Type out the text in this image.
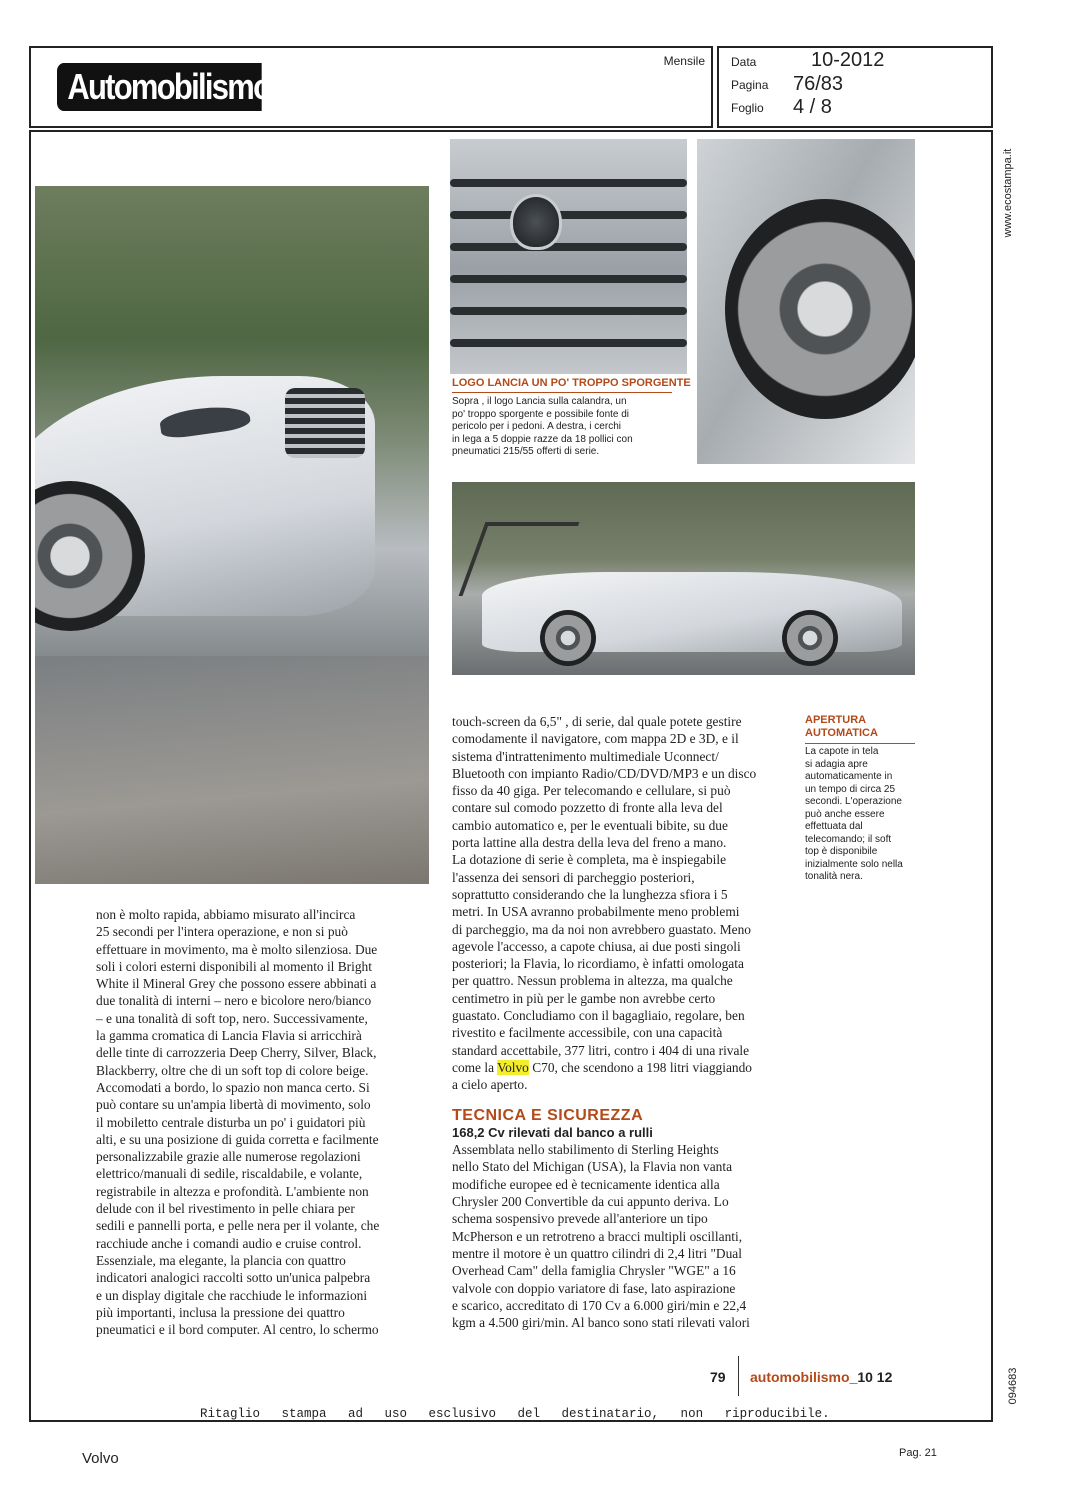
Mensile
Automobilismo
Data	10-2012
Pagina 76/83
Foglio 4 / 8
www.ecostampa.it
094683
LOGO LANCIA UN PO' TROPPO SPORGENTE
Sopra , il logo Lancia sulla calandra, un
po' troppo sporgente e possibile fonte di
pericolo per i pedoni. A destra, i cerchi
in lega a 5 doppie razze da 18 pollici con
pneumatici 215/55 offerti di serie.
APERTURA
AUTOMATICA
La capote in tela
si adagia apre
automaticamente in
un tempo di circa 25
secondi. L'operazione
può anche essere
effettuata dal
telecomando; il soft
top è disponibile
inizialmente solo nella
tonalità nera.

non è molto rapida, abbiamo misurato all'incirca

25 secondi per l'intera operazione, e non si può

effettuare in movimento, ma è molto silenziosa. Due

soli i colori esterni disponibili al momento il Bright

White il Mineral Grey che possono essere abbinati a

due tonalità di interni – nero e bicolore nero/bianco

– e una tonalità di soft top, nero. Successivamente,

la gamma cromatica di Lancia Flavia si arricchirà

delle tinte di carrozzeria Deep Cherry, Silver, Black,

Blackberry, oltre che di un soft top di colore beige.

Accomodati a bordo, lo spazio non manca certo. Si

può contare su un'ampia libertà di movimento, solo

il mobiletto centrale disturba un po' i guidatori più

alti, e su una posizione di guida corretta e facilmente

personalizzabile grazie alle numerose regolazioni

elettrico/manuali di sedile, riscaldabile, e volante,

registrabile in altezza e profondità. L'ambiente non

delude con il bel rivestimento in pelle chiara per

sedili e pannelli porta, e pelle nera per il volante, che

racchiude anche i comandi audio e cruise control.

Essenziale, ma elegante, la plancia con quattro

indicatori analogici raccolti sotto un'unica palpebra

e un display digitale che racchiude le informazioni

più importanti, inclusa la pressione dei quattro

pneumatici e il bord computer. Al centro, lo schermo

touch-screen da 6,5" , di serie, dal quale potete gestire

comodamente il navigatore, com mappa 2D e 3D, e il

sistema d'intrattenimento multimediale Uconnect/

Bluetooth con impianto Radio/CD/DVD/MP3 e un disco

fisso da 40 giga. Per telecomando e cellulare, si può

contare sul comodo pozzetto di fronte alla leva del

cambio automatico e, per le eventuali bibite, su due

porta lattine alla destra della leva del freno a mano.

La dotazione di serie è completa, ma è inspiegabile

l'assenza dei sensori di parcheggio posteriori,

soprattutto considerando che la lunghezza sfiora i 5

metri. In USA avranno probabilmente meno problemi

di parcheggio, ma da noi non avrebbero guastato. Meno

agevole l'accesso, a capote chiusa, ai due posti singoli

posteriori; la Flavia, lo ricordiamo, è infatti omologata

per quattro. Nessun problema in altezza, ma qualche

centimetro in più per le gambe non avrebbe certo

guastato. Concludiamo con il bagagliaio, regolare, ben

rivestito e facilmente accessibile, con una capacità

standard accettabile, 377 litri, contro i 404 di una rivale

come la Volvo C70, che scendono a 198 litri viaggiando

a cielo aperto.

TECNICA E SICUREZZA
168,2 Cv rilevati dal banco a rulli

Assemblata nello stabilimento di Sterling Heights

nello Stato del Michigan (USA), la Flavia non vanta

modifiche europee ed è tecnicamente identica alla

Chrysler 200 Convertible da cui appunto deriva. Lo

schema sospensivo prevede all'anteriore un tipo

McPherson e un retrotreno a bracci multipli oscillanti,

mentre il motore è un quattro cilindri di 2,4 litri "Dual

Overhead Cam" della famiglia Chrysler "WGE" a 16

valvole con doppio variatore di fase, lato aspirazione

e scarico, accreditato di 170 Cv a 6.000 giri/min e 22,4

kgm a 4.500 giri/min. Al banco sono stati rilevati valori

79 automobilismo_10 12
Ritaglio stampa ad uso esclusivo del destinatario, non riproducibile.
Volvo	Pag. 21
